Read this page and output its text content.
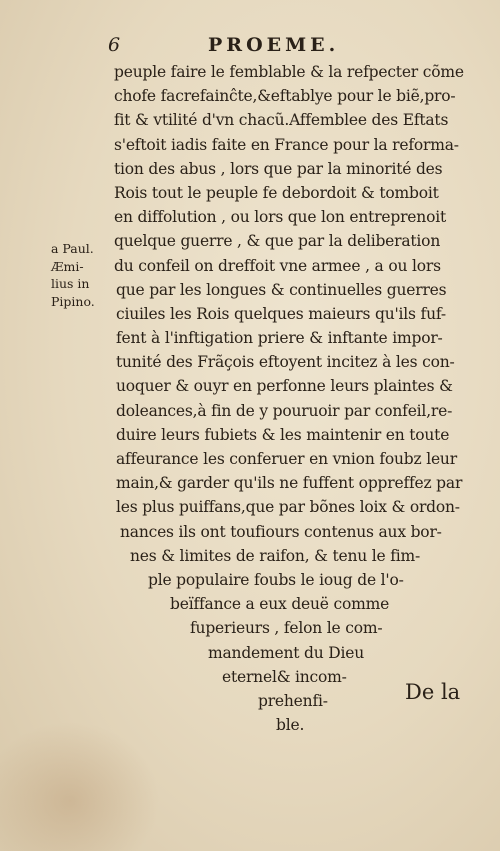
6	PROEME.
peuple faire le femblable & la refpecter cõme
chofe facrefainĉte,&eftablye pour le biẽ,pro-
fit & vtilité d'vn chacũ.Affemblee des Eftats
s'eftoit iadis faite en France pour la reforma-
tion des abus , lors que par la minorité des
Rois tout le peuple fe debordoit & tomboit
en diffolution , ou lors que lon entreprenoit
quelque guerre , & que par la deliberation
du confeil on dreffoit vne armee , a ou lors
que par les longues & continuelles guerres
ciuiles les Rois quelques maieurs qu'ils fuf-
fent à l'inftigation priere & inftante impor-
tunité des Frãçois eftoyent incitez à les con-
uoquer & ouyr en perfonne leurs plaintes &
doleances,à fin de y pouruoir par confeil,re-
duire leurs fubiets & les maintenir en toute
affeurance les conferuer en vnion foubz leur
main,& garder qu'ils ne fuffent oppreffez par
les plus puiffans,que par bõnes loix & ordon-
nances ils ont toufiours contenus aux bor-
nes & limites de raifon, & tenu le fim-
ple populaire foubs le ioug de l'o-
beïffance a eux deuë comme
fuperieurs , felon le com-
mandement du Dieu
eternel& incom-
prehenfi-
ble.
a Paul.
Æmi-
lius in
Pipino.
De la
